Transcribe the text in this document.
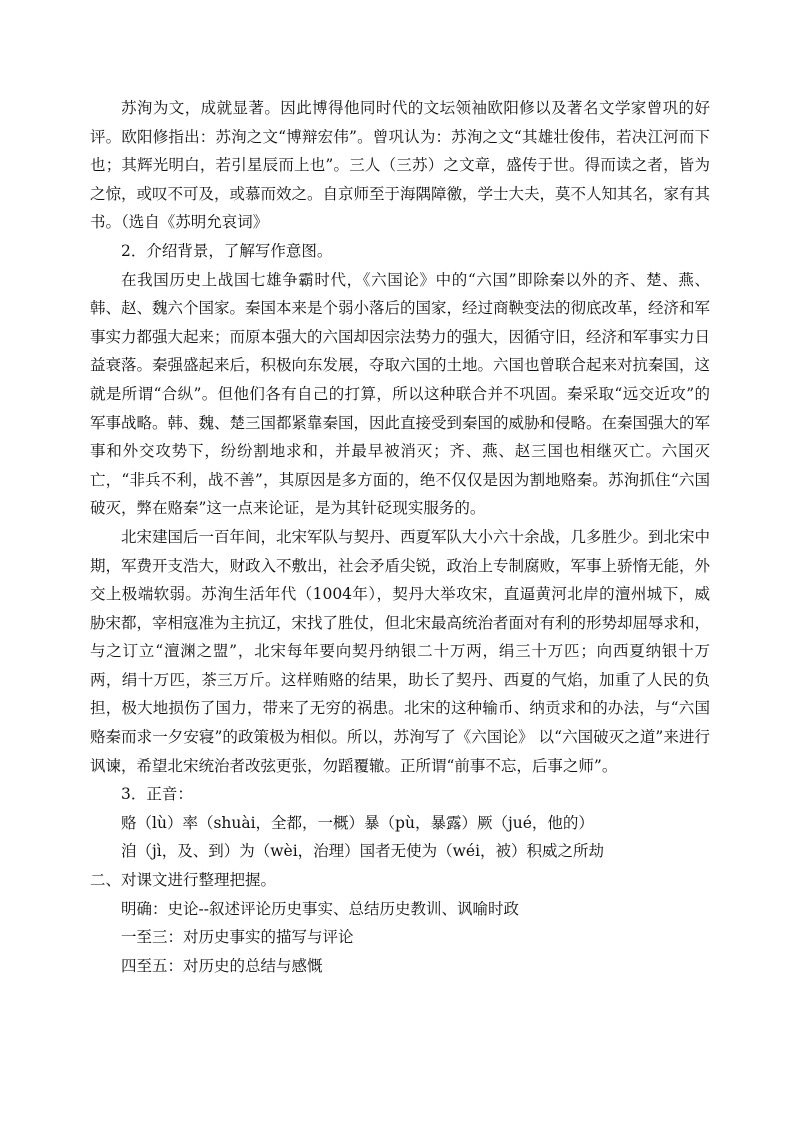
苏洵为文，成就显著。因此博得他同时代的文坛领袖欧阳修以及著名文学家曾巩的好评。欧阳修指出：苏洵之文“博辩宏伟”。曾巩认为：苏洵之文“其雄壮俊伟，若决江河而下也；其辉光明白，若引星辰而上也”。三人（三苏）之文章，盛传于世。得而读之者，皆为之惊，或叹不可及，或慕而效之。自京师至于海隅障徼，学士大夫，莫不人知其名，家有其书。（选自《苏明允哀词》

2．介绍背景，了解写作意图。

在我国历史上战国七雄争霸时代，《六国论》中的“六国”即除秦以外的齐、楚、燕、韩、赵、魏六个国家。秦国本来是个弱小落后的国家，经过商鞅变法的彻底改革，经济和军事实力都强大起来；而原本强大的六国却因宗法势力的强大，因循守旧，经济和军事实力日益衰落。秦强盛起来后，积极向东发展，夺取六国的土地。六国也曾联合起来对抗秦国，这就是所谓“合纵”。但他们各有自己的打算，所以这种联合并不巩固。秦采取“远交近攻”的军事战略。韩、魏、楚三国都紧靠秦国，因此直接受到秦国的威胁和侵略。在秦国强大的军事和外交攻势下，纷纷割地求和，并最早被消灭；齐、燕、赵三国也相继灭亡。六国灭亡，“非兵不利，战不善”，其原因是多方面的，绝不仅仅是因为割地赂秦。苏洵抓住“六国破灭，弊在赂秦”这一点来论证，是为其针砭现实服务的。

北宋建国后一百年间，北宋军队与契丹、西夏军队大小六十余战，几多胜少。到北宋中期，军费开支浩大，财政入不敷出，社会矛盾尖锐，政治上专制腐败，军事上骄惰无能，外交上极端软弱。苏洵生活年代（1004年），契丹大举攻宋，直逼黄河北岸的澶州城下，威胁宋都，宰相寇准为主抗辽，宋找了胜仗，但北宋最高统治者面对有利的形势却屈辱求和，与之订立“澶渊之盟”，北宋每年要向契丹纳银二十万两，绢三十万匹；向西夏纳银十万两，绢十万匹，茶三万斤。这样贿赂的结果，助长了契丹、西夏的气焰，加重了人民的负担，极大地损伤了国力，带来了无穷的祸患。北宋的这种输币、纳贡求和的办法，与“六国赂秦而求一夕安寝”的政策极为相似。所以，苏洵写了《六国论》 以“六国破灭之道”来进行讽谏，希望北宋统治者改弦更张，勿蹈覆辙。正所谓“前事不忘，后事之师”。

3．正音：

赂（lù）率（shuài，全都，一概）暴（pù，暴露）厥（jué，他的）

洎（jì，及、到）为（wèi，治理）国者无使为（wéi，被）积威之所劫

二、对课文进行整理把握。

明确：史论--叙述评论历史事实、总结历史教训、讽喻时政

一至三：对历史事实的描写与评论

四至五：对历史的总结与感慨
